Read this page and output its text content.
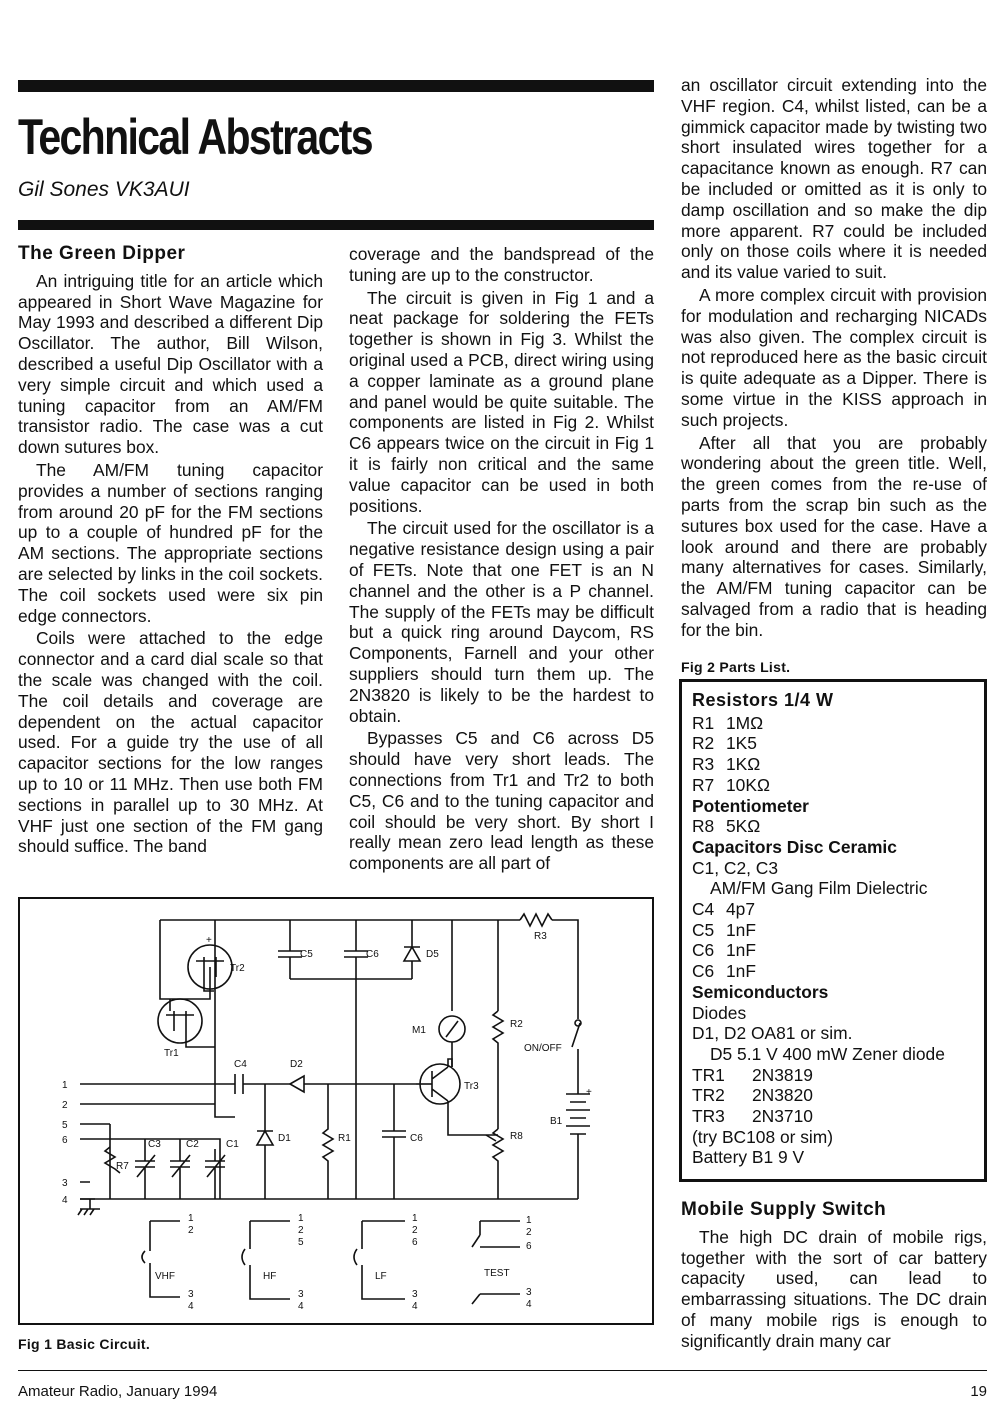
Technical Abstracts
Gil Sones VK3AUI
The Green Dipper

An intriguing title for an article which appeared in Short Wave Magazine for May 1993 and described a different Dip Oscillator. The author, Bill Wilson, described a useful Dip Oscillator with a very simple circuit and which used a tuning capacitor from an AM/FM transistor radio. The case was a cut down sutures box.

The AM/FM tuning capacitor provides a number of sections ranging from around 20 pF for the FM sections up to a couple of hundred pF for the AM sections. The appropriate sections are selected by links in the coil sockets. The coil sockets used were six pin edge connectors.

Coils were attached to the edge connector and a card dial scale so that the scale was changed with the coil. The coil details and coverage are dependent on the actual capacitor used. For a guide try the use of all capacitor sections for the low ranges up to 10 or 11 MHz. Then use both FM sections in parallel up to 30 MHz. At VHF just one section of the FM gang should suffice. The band

coverage and the bandspread of the tuning are up to the constructor.

The circuit is given in Fig 1 and a neat package for soldering the FETs together is shown in Fig 3. Whilst the original used a PCB, direct wiring using a copper laminate as a ground plane and panel would be quite suitable. The components are listed in Fig 2. Whilst C6 appears twice on the circuit in Fig 1 it is fairly non critical and the same value capacitor can be used in both positions.

The circuit used for the oscillator is a negative resistance design using a pair of FETs. Note that one FET is an N channel and the other is a P channel. The supply of the FETs may be difficult but a quick ring around Daycom, RS Components, Farnell and your other suppliers should turn them up. The 2N3820 is likely to be the hardest to obtain.

Bypasses C5 and C6 across D5 should have very short leads. The connections from Tr1 and Tr2 to both C5, C6 and to the tuning capacitor and coil should be very short. By short I really mean zero lead length as these components are all part of

an oscillator circuit extending into the VHF region. C4, whilst listed, can be a gimmick capacitor made by twisting two short insulated wires together for a capacitance known as enough. R7 can be included or omitted as it is only to damp oscillation and so make the dip more apparent. R7 could be included only on those coils where it is needed and its value varied to suit.

A more complex circuit with provision for modulation and recharging NICADs was also given. The complex circuit is not reproduced here as the basic circuit is quite adequate as a Dipper. There is some virtue in the KISS approach in such projects.

After all that you are probably wondering about the green title. Well, the green comes from the re-use of parts from the scrap bin such as the sutures box used for the case. Have a look around and there are probably many alternatives for cases. Similarly, the AM/FM tuning capacitor can be salvaged from a radio that is heading for the bin.

Fig 2 Parts List.
Resistors 1/4 W
R1 1MΩ
R2 1K5
R3 1KΩ
R7 10KΩ
Potentiometer
R8 5KΩ
Capacitors Disc Ceramic
C1, C2, C3
AM/FM Gang Film Dielectric
C4 4p7
C5 1nF
C6 1nF
C6 1nF
Semiconductors
Diodes
D1, D2 OA81 or sim.
D5 5.1 V 400 mW Zener diode
TR1 2N3819
TR2 2N3820
TR3 2N3710
(try BC108 or sim)
Battery B1 9 V
Mobile Supply Switch

The high DC drain of mobile rigs, together with the sort of car battery capacity used, can lead to embarrassing situations. The DC drain of many mobile rigs is enough to significantly drain many car

Tr2
Tr1
+
C5	C6	D5
R3
M1
R2
ON/OFF
C4	D2
Tr3
+
B1
D1	R1	C6	R8
C3	C2	C1
R7
1
2
5
6
3
4
VHF
1
2
3
4
HF
1
2
5
3
4
LF
1
2
6
3
4
TEST
1
2
6
3
4
Fig 1 Basic Circuit.
Amateur Radio, January 1994	19
